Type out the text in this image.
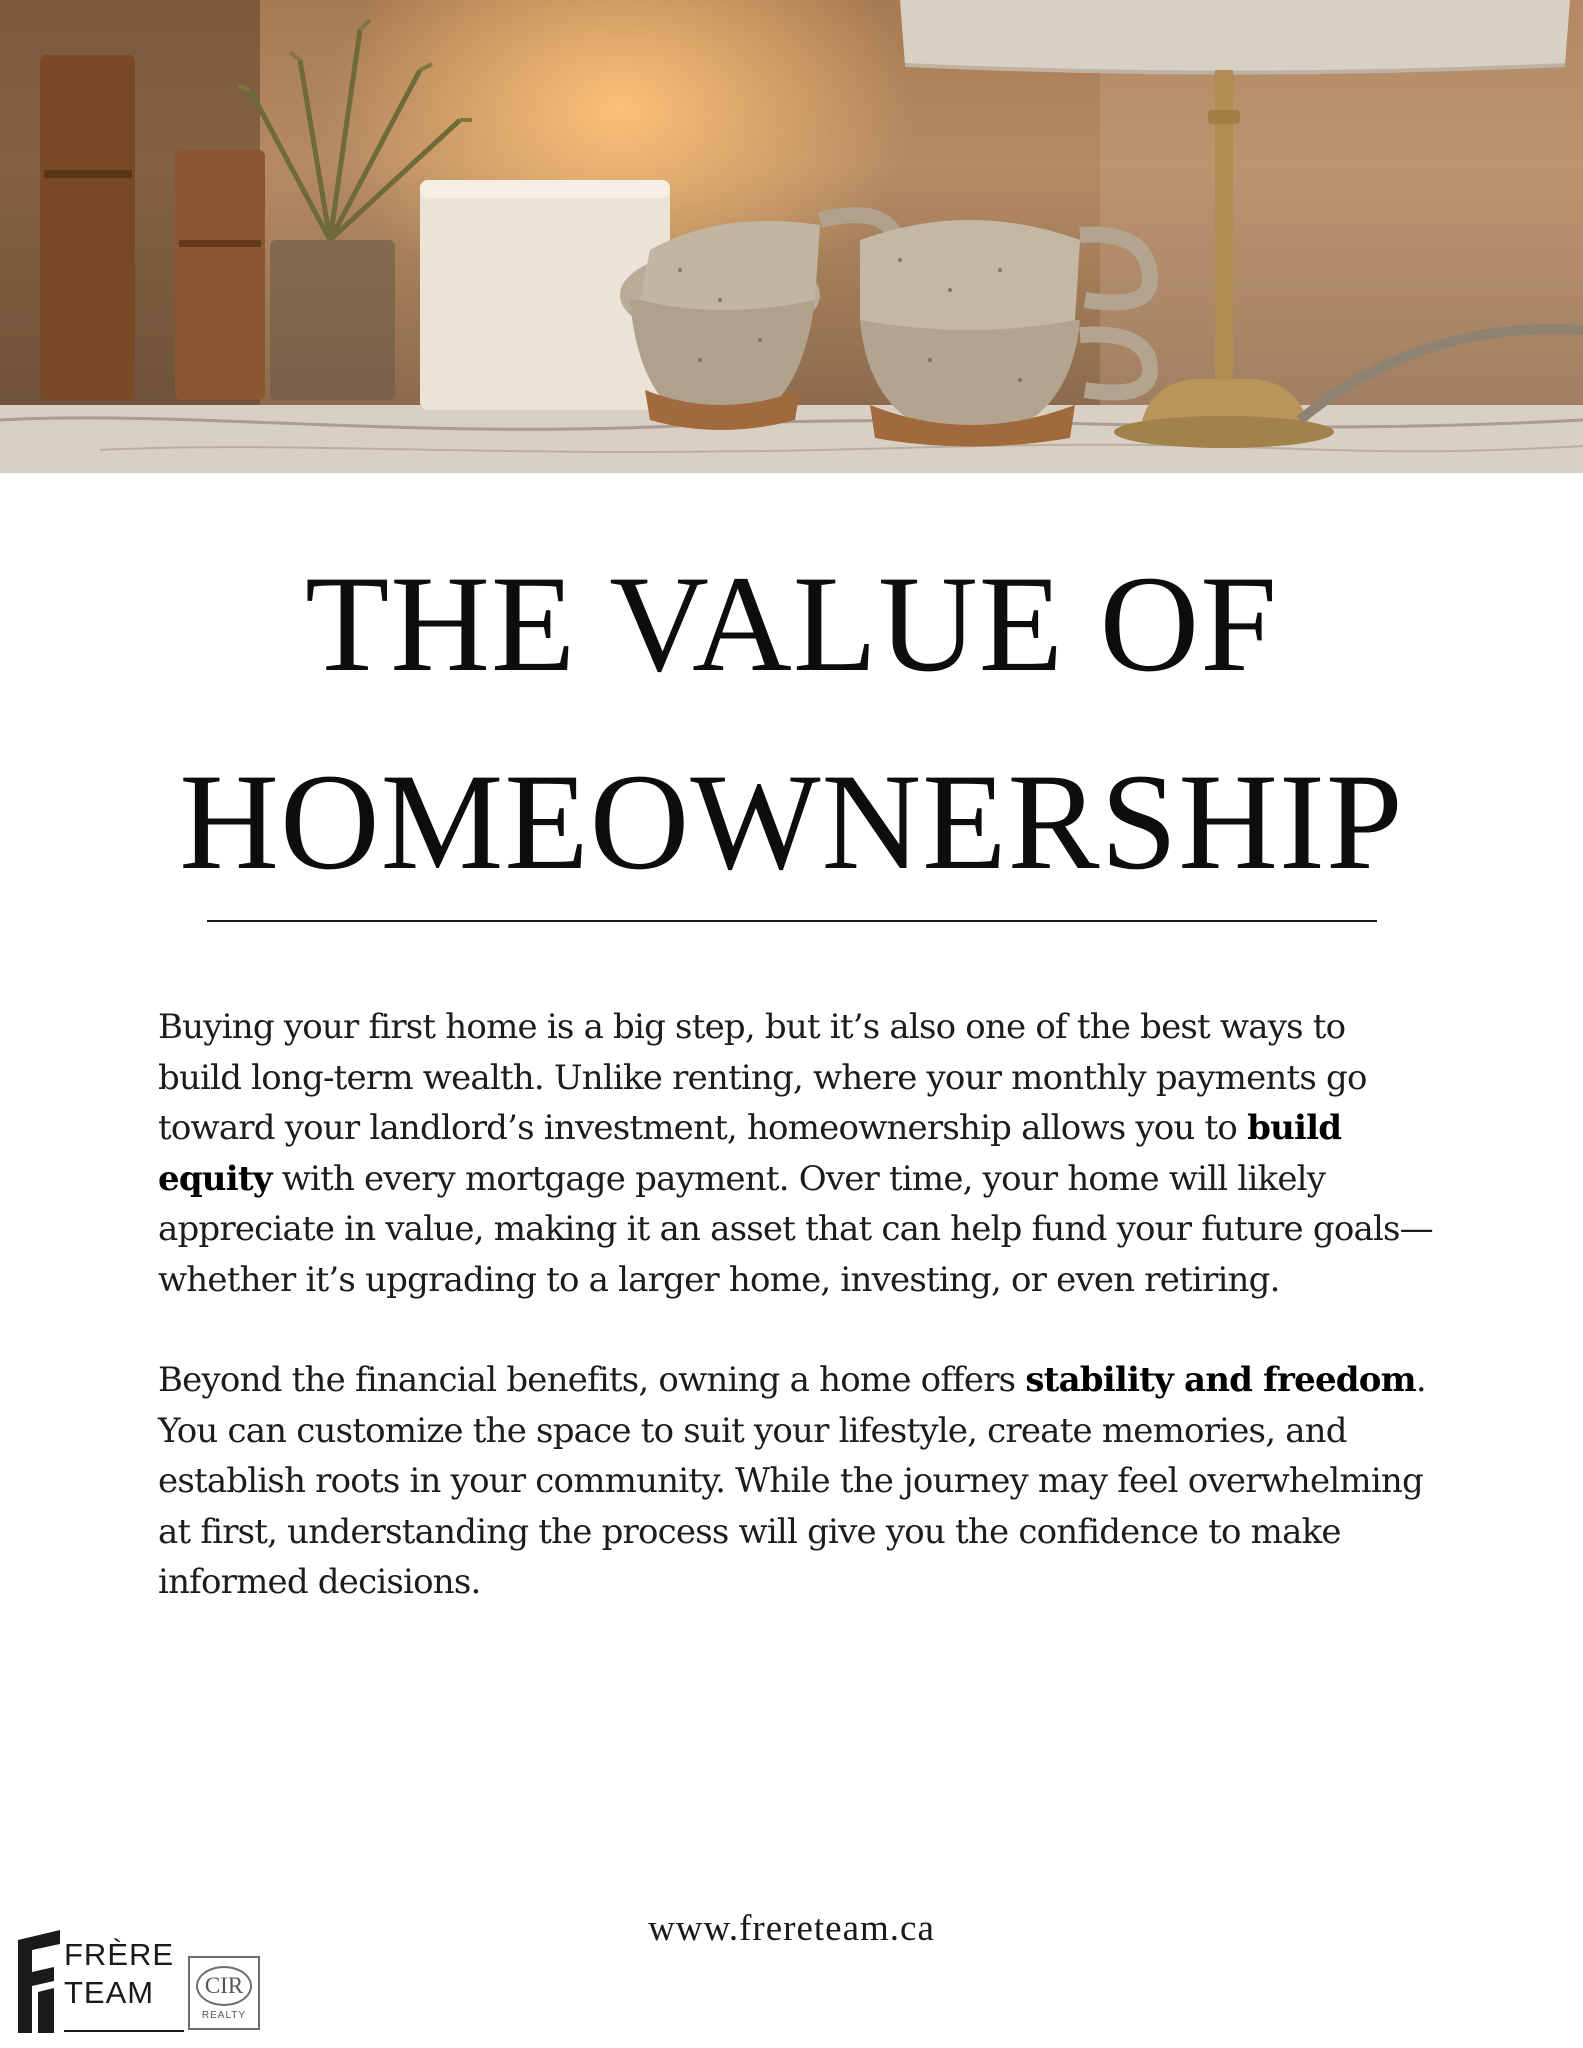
THE VALUE OF
HOMEOWNERSHIP

Buying your first home is a big step, but it’s also one of the best ways to build long-term wealth. Unlike renting, where your monthly payments go toward your landlord’s investment, homeownership allows you to build equity with every mortgage payment. Over time, your home will likely appreciate in value, making it an asset that can help fund your future goals—whether it’s upgrading to a larger home, investing, or even retiring.

Beyond the financial benefits, owning a home offers stability and freedom. You can customize the space to suit your lifestyle, create memories, and establish roots in your community. While the journey may feel overwhelming at first, understanding the process will give you the confidence to make informed decisions.

www.frereteam.ca
FRÈRE
TEAM	CIR
REALTY
